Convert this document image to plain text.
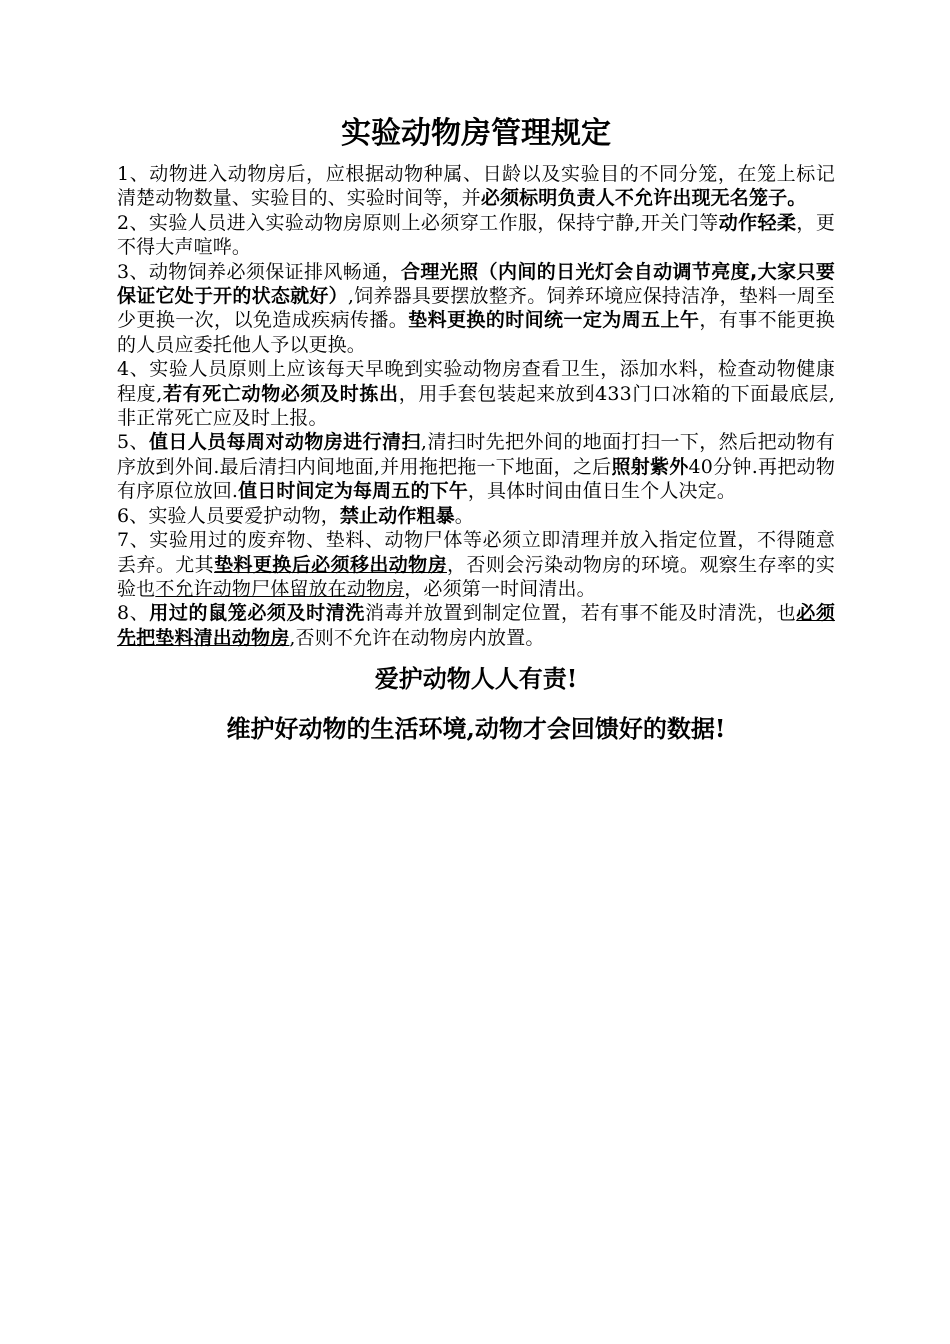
实验动物房管理规定

1、动物进入动物房后，应根据动物种属、日龄以及实验目的不同分笼，在笼上标记清楚动物数量、实验目的、实验时间等，并必须标明负责人不允许出现无名笼子。

2、实验人员进入实验动物房原则上必须穿工作服，保持宁静,开关门等动作轻柔，更不得大声喧哗。

3、动物饲养必须保证排风畅通，合理光照（内间的日光灯会自动调节亮度,大家只要保证它处于开的状态就好）,饲养器具要摆放整齐。饲养环境应保持洁净，垫料一周至少更换一次，以免造成疾病传播。垫料更换的时间统一定为周五上午，有事不能更换的人员应委托他人予以更换。

4、实验人员原则上应该每天早晚到实验动物房查看卫生，添加水料，检查动物健康程度,若有死亡动物必须及时拣出，用手套包装起来放到433门口冰箱的下面最底层,非正常死亡应及时上报。

5、值日人员每周对动物房进行清扫,清扫时先把外间的地面打扫一下，然后把动物有序放到外间.最后清扫内间地面,并用拖把拖一下地面，之后照射紫外40分钟.再把动物有序原位放回.值日时间定为每周五的下午，具体时间由值日生个人决定。

6、实验人员要爱护动物，禁止动作粗暴。

7、实验用过的废弃物、垫料、动物尸体等必须立即清理并放入指定位置，不得随意丢弃。尤其垫料更换后必须移出动物房，否则会污染动物房的环境。观察生存率的实验也不允许动物尸体留放在动物房，必须第一时间清出。

8、用过的鼠笼必须及时清洗消毒并放置到制定位置，若有事不能及时清洗，也必须先把垫料清出动物房,否则不允许在动物房内放置。

爱护动物人人有责!

维护好动物的生活环境,动物才会回馈好的数据!
